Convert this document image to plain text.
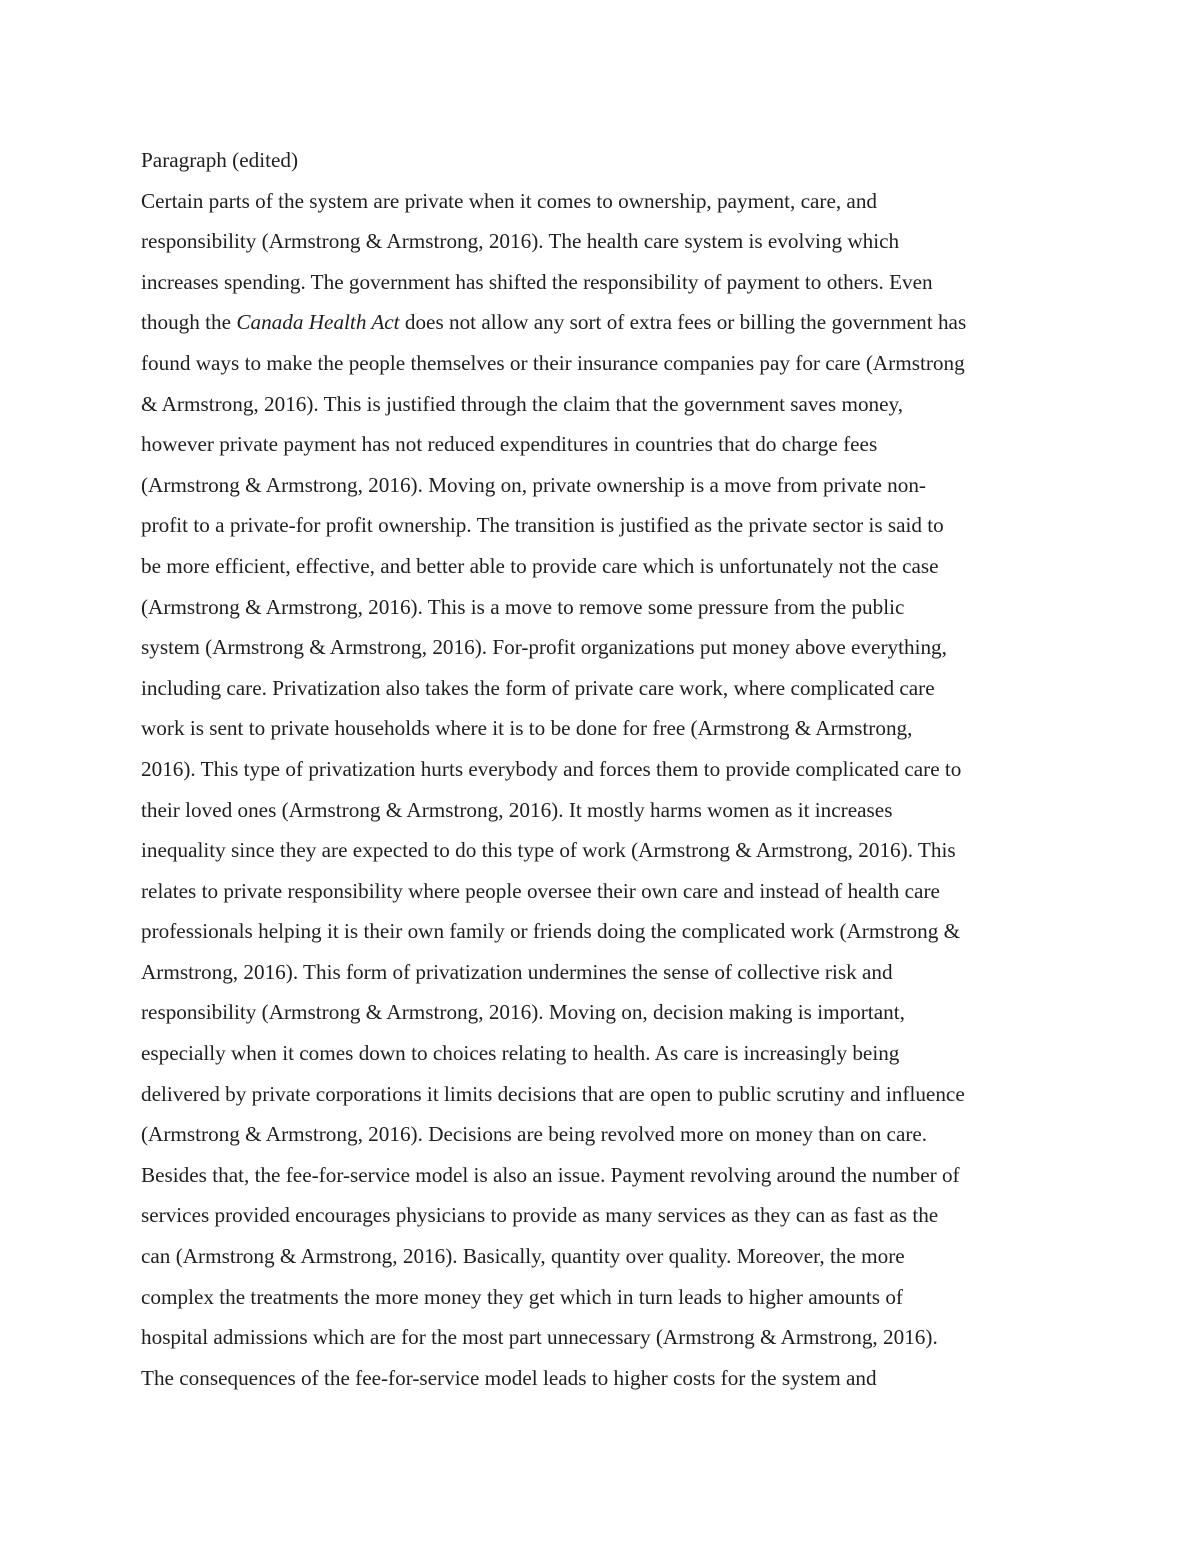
Paragraph (edited)
Certain parts of the system are private when it comes to ownership, payment, care, and
responsibility (Armstrong & Armstrong, 2016). The health care system is evolving which
increases spending. The government has shifted the responsibility of payment to others. Even
though the Canada Health Act does not allow any sort of extra fees or billing the government has
found ways to make the people themselves or their insurance companies pay for care (Armstrong
& Armstrong, 2016). This is justified through the claim that the government saves money,
however private payment has not reduced expenditures in countries that do charge fees
(Armstrong & Armstrong, 2016). Moving on, private ownership is a move from private non-
profit to a private-for profit ownership. The transition is justified as the private sector is said to
be more efficient, effective, and better able to provide care which is unfortunately not the case
(Armstrong & Armstrong, 2016). This is a move to remove some pressure from the public
system (Armstrong & Armstrong, 2016). For-profit organizations put money above everything,
including care. Privatization also takes the form of private care work, where complicated care
work is sent to private households where it is to be done for free (Armstrong & Armstrong,
2016). This type of privatization hurts everybody and forces them to provide complicated care to
their loved ones (Armstrong & Armstrong, 2016). It mostly harms women as it increases
inequality since they are expected to do this type of work (Armstrong & Armstrong, 2016). This
relates to private responsibility where people oversee their own care and instead of health care
professionals helping it is their own family or friends doing the complicated work (Armstrong &
Armstrong, 2016). This form of privatization undermines the sense of collective risk and
responsibility (Armstrong & Armstrong, 2016). Moving on, decision making is important,
especially when it comes down to choices relating to health. As care is increasingly being
delivered by private corporations it limits decisions that are open to public scrutiny and influence
(Armstrong & Armstrong, 2016). Decisions are being revolved more on money than on care.
Besides that, the fee-for-service model is also an issue. Payment revolving around the number of
services provided encourages physicians to provide as many services as they can as fast as the
can (Armstrong & Armstrong, 2016). Basically, quantity over quality. Moreover, the more
complex the treatments the more money they get which in turn leads to higher amounts of
hospital admissions which are for the most part unnecessary (Armstrong & Armstrong, 2016).
The consequences of the fee-for-service model leads to higher costs for the system and
